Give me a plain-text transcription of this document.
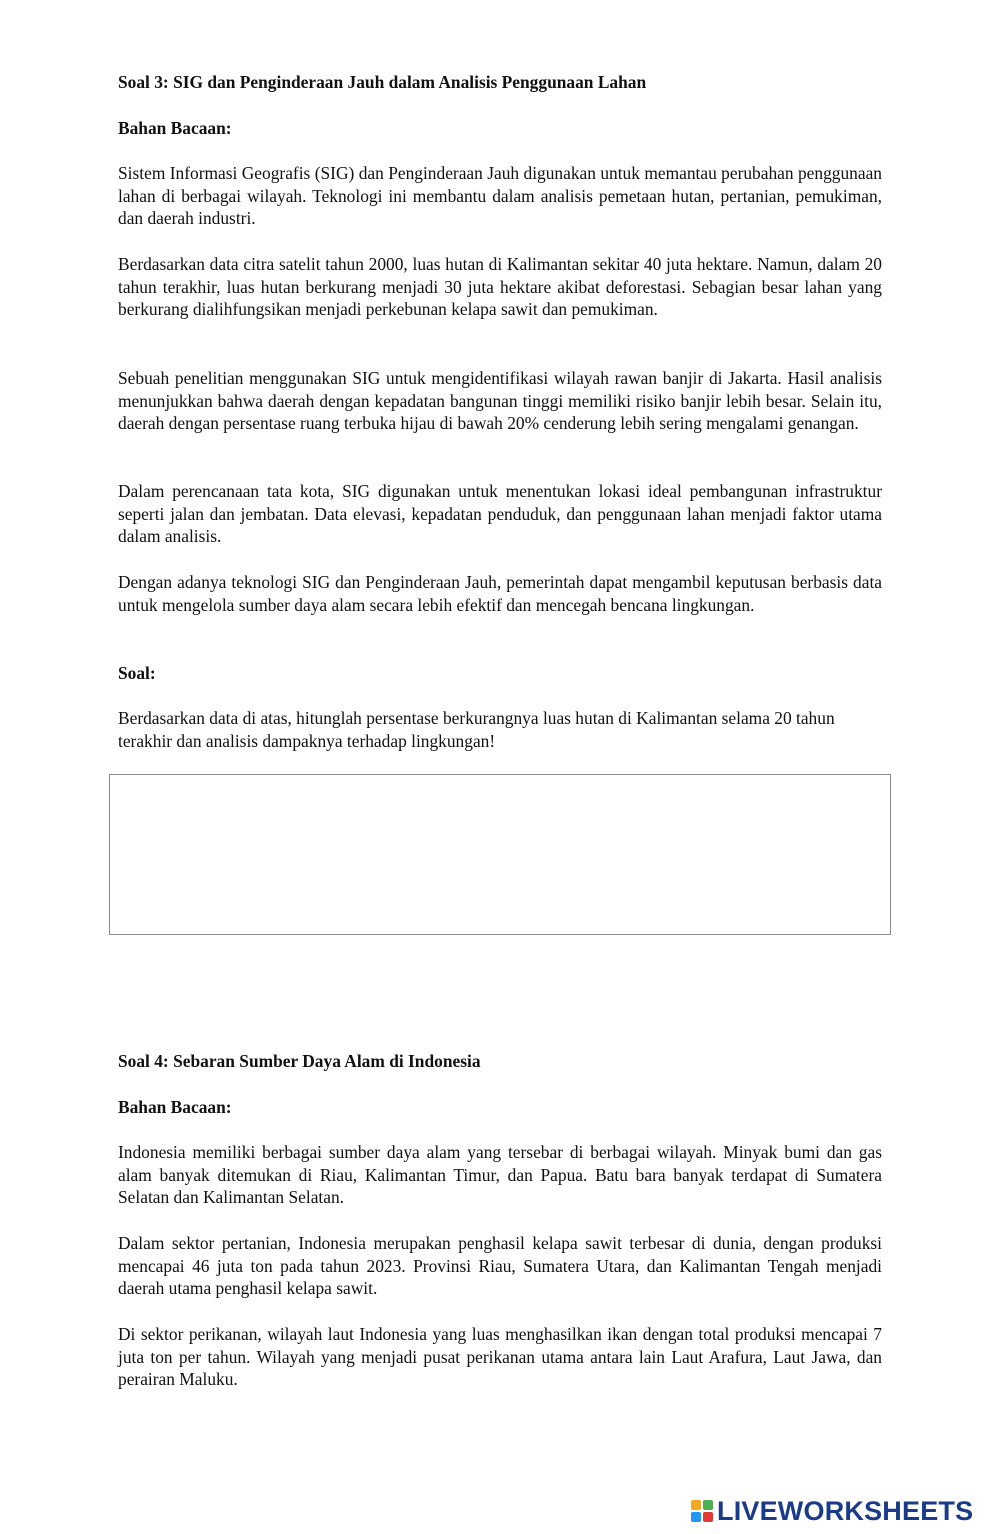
Soal 3: SIG dan Penginderaan Jauh dalam Analisis Penggunaan Lahan
Bahan Bacaan:
Sistem Informasi Geografis (SIG) dan Penginderaan Jauh digunakan untuk memantau perubahan penggunaan lahan di berbagai wilayah. Teknologi ini membantu dalam analisis pemetaan hutan, pertanian, pemukiman, dan daerah industri.
Berdasarkan data citra satelit tahun 2000, luas hutan di Kalimantan sekitar 40 juta hektare. Namun, dalam 20 tahun terakhir, luas hutan berkurang menjadi 30 juta hektare akibat deforestasi. Sebagian besar lahan yang berkurang dialihfungsikan menjadi perkebunan kelapa sawit dan pemukiman.
Sebuah penelitian menggunakan SIG untuk mengidentifikasi wilayah rawan banjir di Jakarta. Hasil analisis menunjukkan bahwa daerah dengan kepadatan bangunan tinggi memiliki risiko banjir lebih besar. Selain itu, daerah dengan persentase ruang terbuka hijau di bawah 20% cenderung lebih sering mengalami genangan.
Dalam perencanaan tata kota, SIG digunakan untuk menentukan lokasi ideal pembangunan infrastruktur seperti jalan dan jembatan. Data elevasi, kepadatan penduduk, dan penggunaan lahan menjadi faktor utama dalam analisis.
Dengan adanya teknologi SIG dan Penginderaan Jauh, pemerintah dapat mengambil keputusan berbasis data untuk mengelola sumber daya alam secara lebih efektif dan mencegah bencana lingkungan.
Soal:
Berdasarkan data di atas, hitunglah persentase berkurangnya luas hutan di Kalimantan selama 20 tahun terakhir dan analisis dampaknya terhadap lingkungan!
Soal 4: Sebaran Sumber Daya Alam di Indonesia
Bahan Bacaan:
Indonesia memiliki berbagai sumber daya alam yang tersebar di berbagai wilayah. Minyak bumi dan gas alam banyak ditemukan di Riau, Kalimantan Timur, dan Papua. Batu bara banyak terdapat di Sumatera Selatan dan Kalimantan Selatan.
Dalam sektor pertanian, Indonesia merupakan penghasil kelapa sawit terbesar di dunia, dengan produksi mencapai 46 juta ton pada tahun 2023. Provinsi Riau, Sumatera Utara, dan Kalimantan Tengah menjadi daerah utama penghasil kelapa sawit.
Di sektor perikanan, wilayah laut Indonesia yang luas menghasilkan ikan dengan total produksi mencapai 7 juta ton per tahun. Wilayah yang menjadi pusat perikanan utama antara lain Laut Arafura, Laut Jawa, dan perairan Maluku.
LIVEWORKSHEETS
